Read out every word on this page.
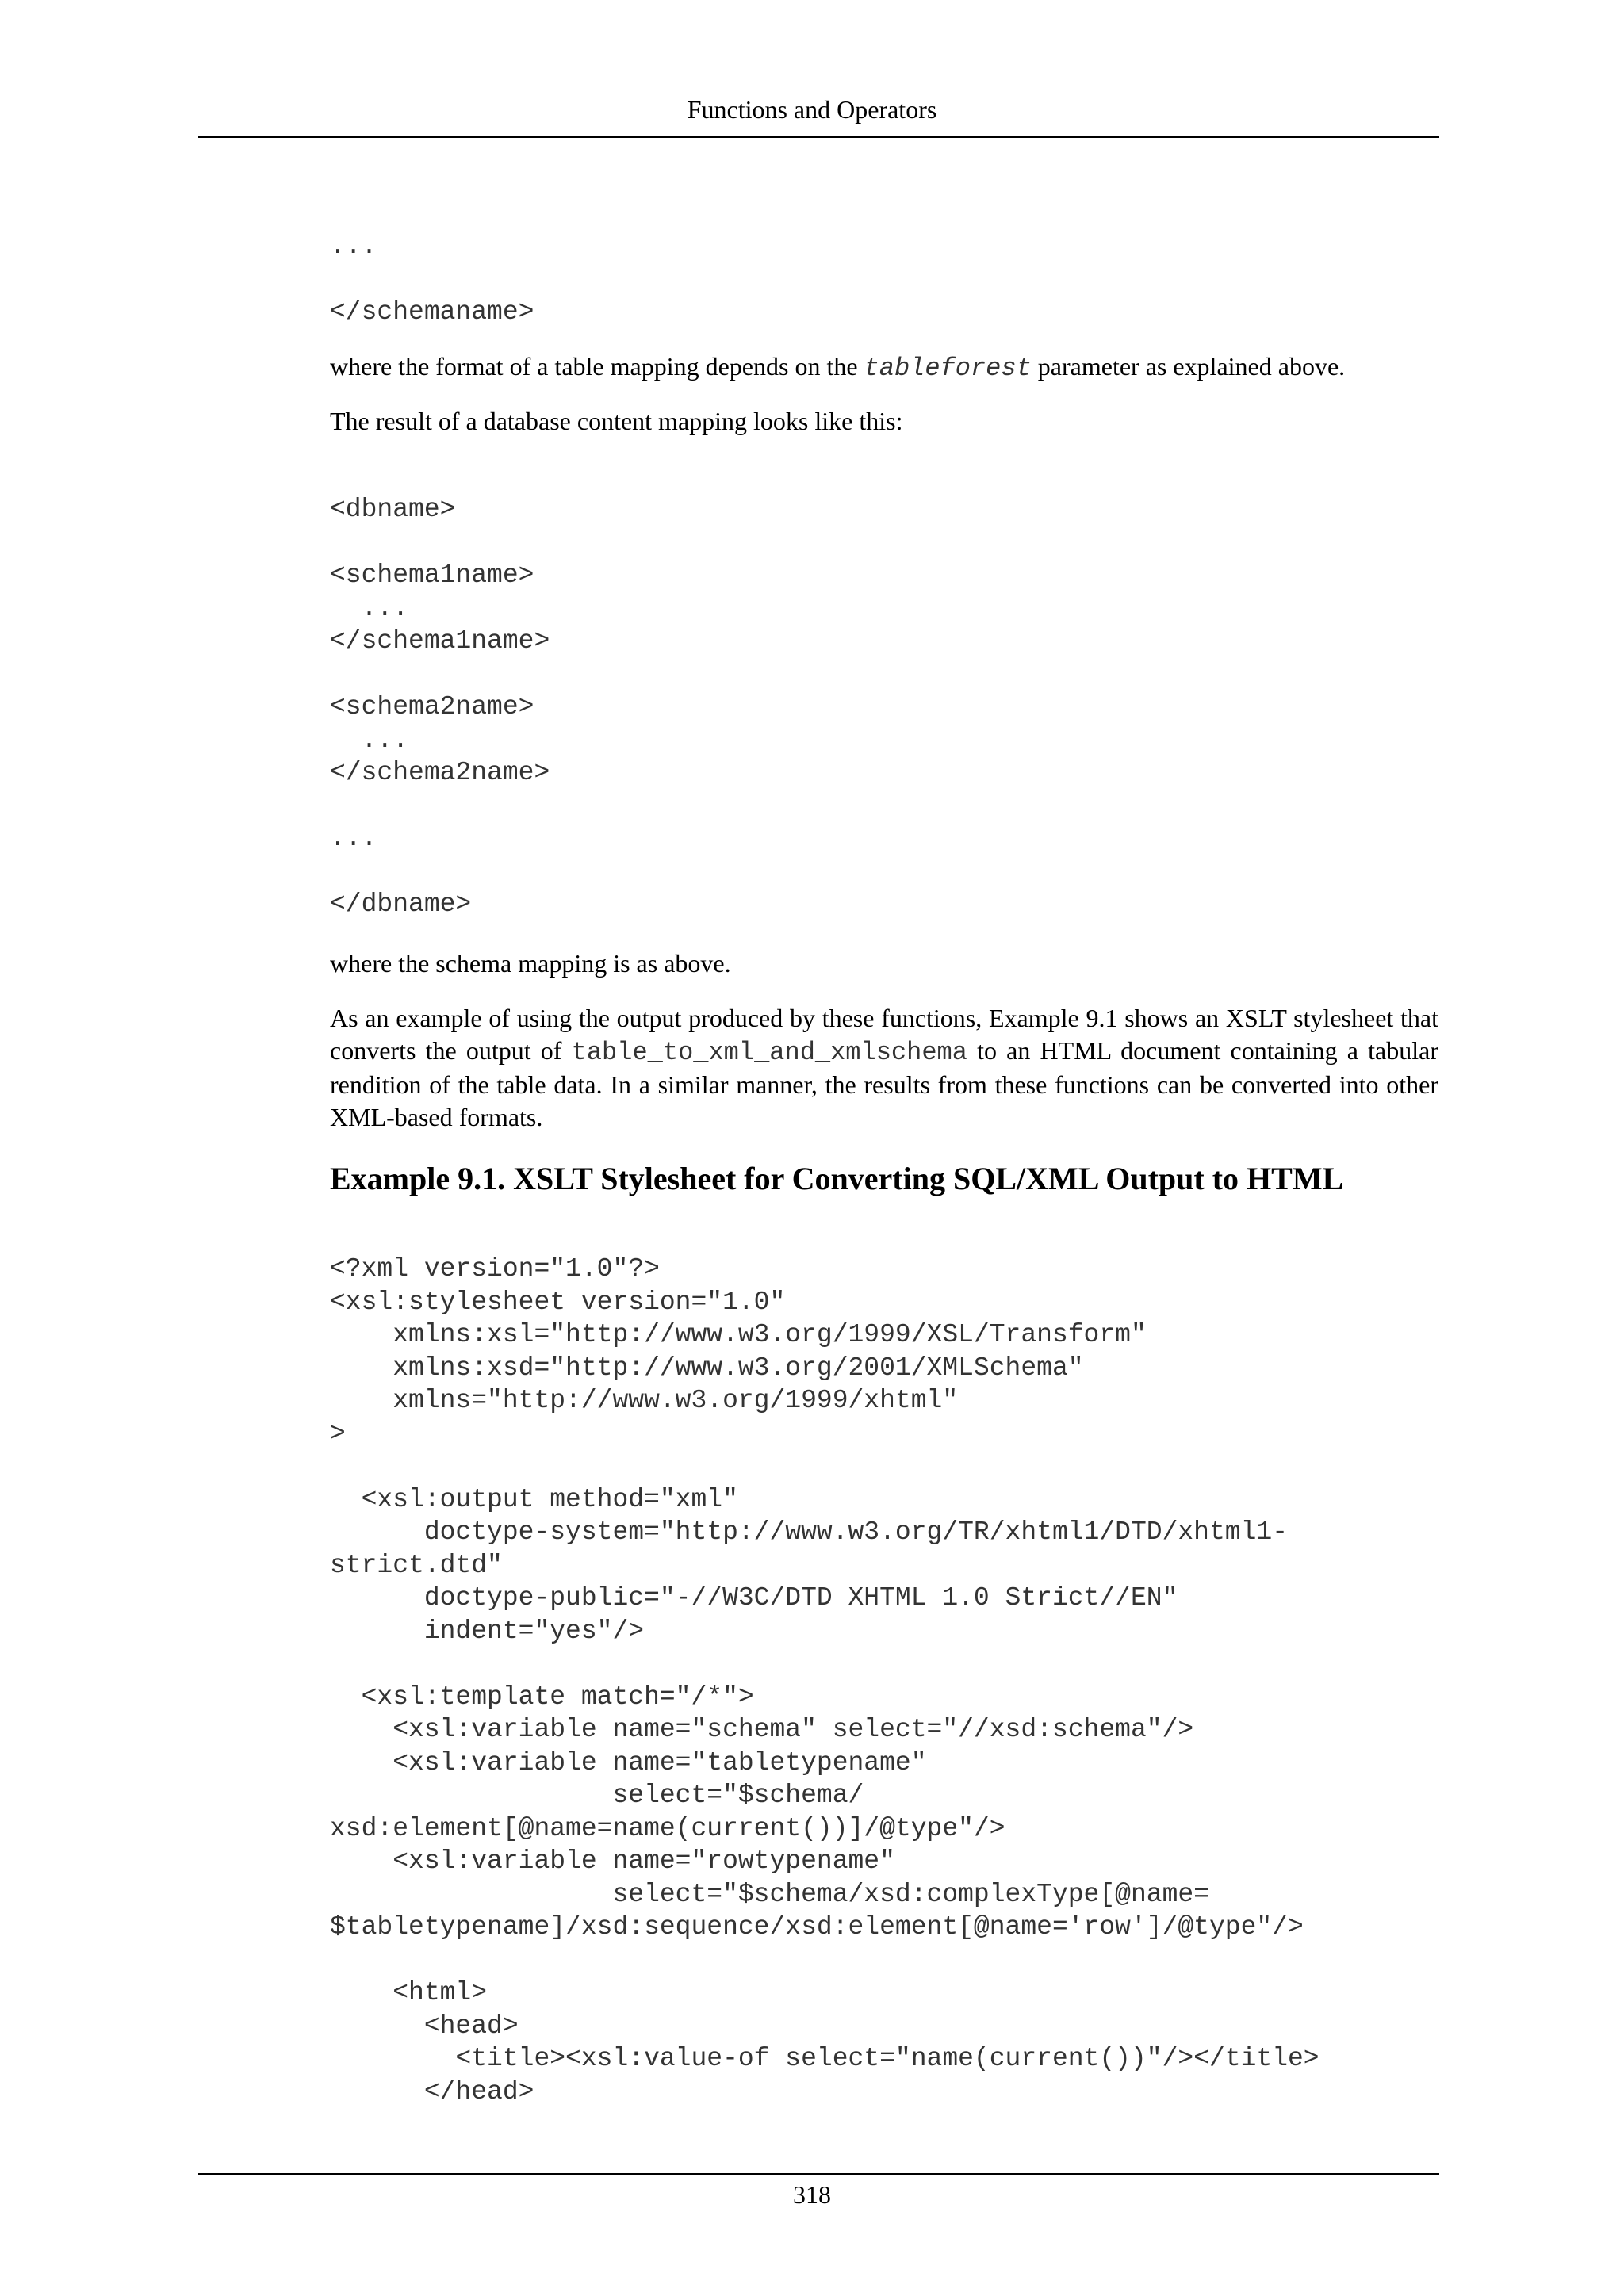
Functions and Operators
...

</schemaname>

where the format of a table mapping depends on the tableforest parameter as explained above.

The result of a database content mapping looks like this:

<dbname>

<schema1name>
...
</schema1name>

<schema2name>
...
</schema2name>

...

</dbname>

where the schema mapping is as above.

As an example of using the output produced by these functions, Example 9.1 shows an XSLT stylesheet that converts the output of table_to_xml_and_xmlschema to an HTML document containing a tabular rendition of the table data. In a similar manner, the results from these functions can be converted into other XML-based formats.

Example 9.1. XSLT Stylesheet for Converting SQL/XML Output to HTML
<?xml version="1.0"?>
<xsl:stylesheet version="1.0"
xmlns:xsl="http://www.w3.org/1999/XSL/Transform"
xmlns:xsd="http://www.w3.org/2001/XMLSchema"
xmlns="http://www.w3.org/1999/xhtml"
>

<xsl:output method="xml"
doctype-system="http://www.w3.org/TR/xhtml1/DTD/xhtml1-
strict.dtd"
doctype-public="-//W3C/DTD XHTML 1.0 Strict//EN"
indent="yes"/>

<xsl:template match="/*">
<xsl:variable name="schema" select="//xsd:schema"/>
<xsl:variable name="tabletypename"
select="$schema/
xsd:element[@name=name(current())]/@type"/>
<xsl:variable name="rowtypename"
select="$schema/xsd:complexType[@name=
$tabletypename]/xsd:sequence/xsd:element[@name='row']/@type"/>

<html>
<head>
<title><xsl:value-of select="name(current())"/></title>
</head>
318
